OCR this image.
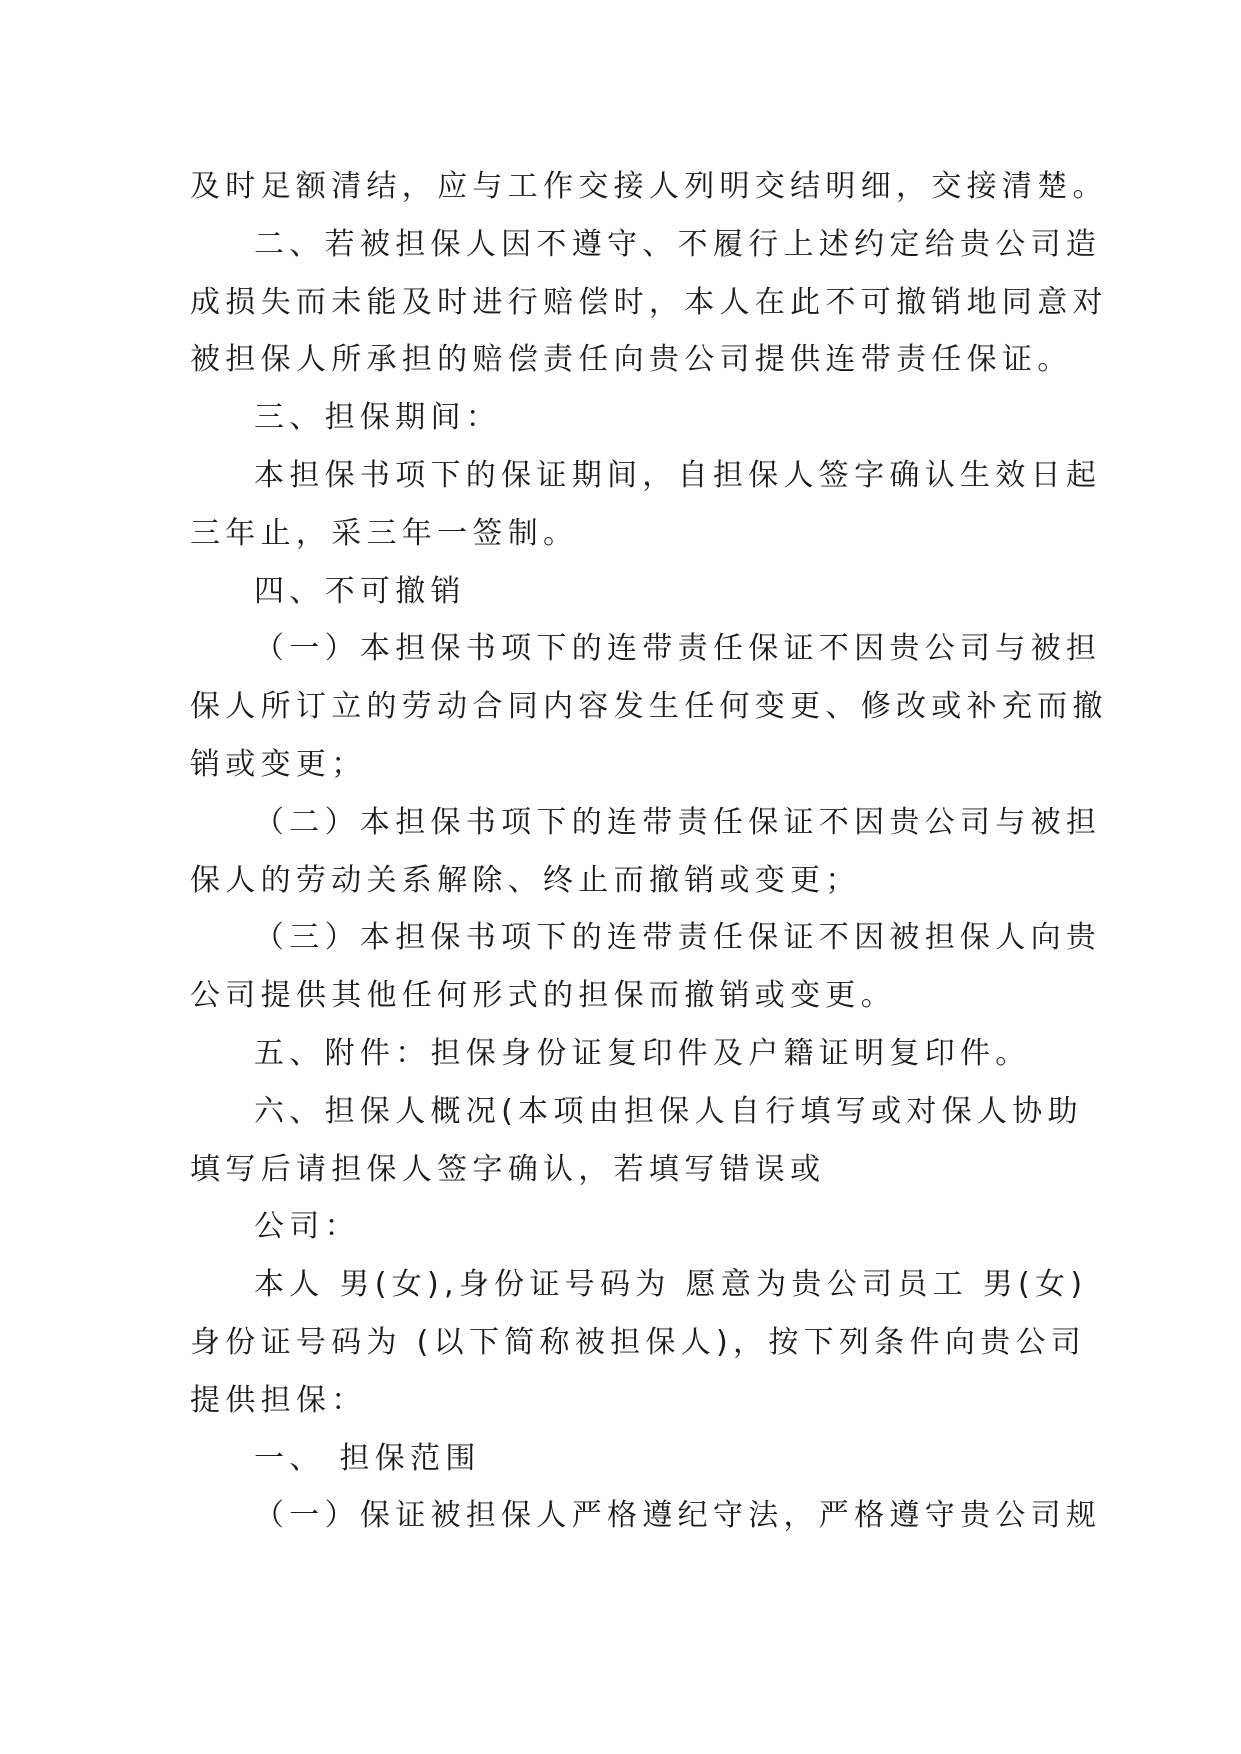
及时足额清结，应与工作交接人列明交结明细，交接清楚。
二、若被担保人因不遵守、不履行上述约定给贵公司造
成损失而未能及时进行赔偿时，本人在此不可撤销地同意对
被担保人所承担的赔偿责任向贵公司提供连带责任保证。
三、担保期间：
本担保书项下的保证期间，自担保人签字确认生效日起
三年止，采三年一签制。
四、不可撤销
（一）本担保书项下的连带责任保证不因贵公司与被担
保人所订立的劳动合同内容发生任何变更、修改或补充而撤
销或变更；
（二）本担保书项下的连带责任保证不因贵公司与被担
保人的劳动关系解除、终止而撤销或变更；
（三）本担保书项下的连带责任保证不因被担保人向贵
公司提供其他任何形式的担保而撤销或变更。
五、附件：担保身份证复印件及户籍证明复印件。
六、担保人概况(本项由担保人自行填写或对保人协助
填写后请担保人签字确认，若填写错误或
公司：
本人 男(女),身份证号码为 愿意为贵公司员工 男(女)
身份证号码为 (以下简称被担保人)，按下列条件向贵公司
提供担保：
一、 担保范围
（一）保证被担保人严格遵纪守法，严格遵守贵公司规
